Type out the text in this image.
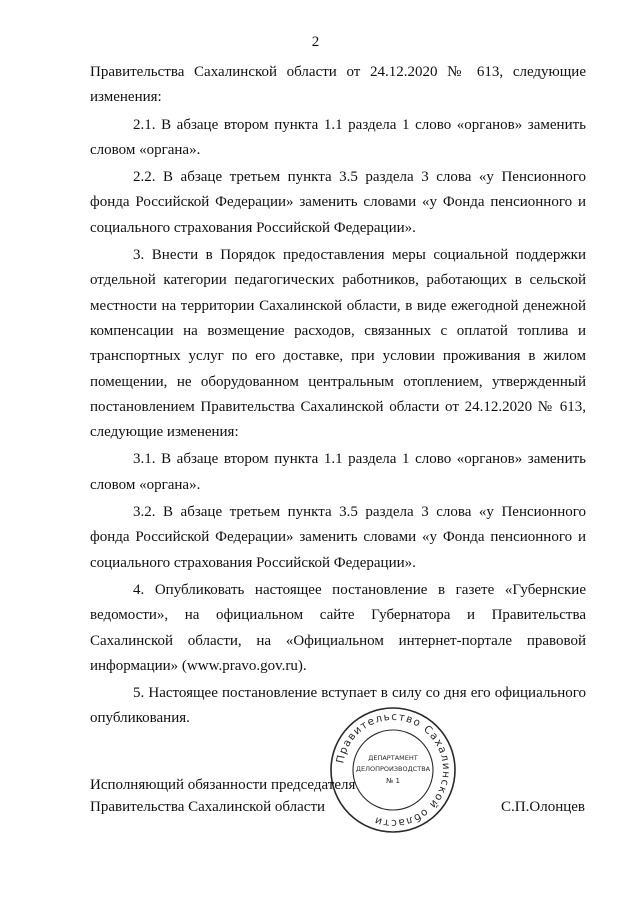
2

Правительства Сахалинской области от 24.12.2020 № 613, следующие изменения:

2.1. В абзаце втором пункта 1.1 раздела 1 слово «органов» заменить словом «органа».

2.2. В абзаце третьем пункта 3.5 раздела 3 слова «у Пенсионного фонда Российской Федерации» заменить словами «у Фонда пенсионного и социального страхования Российской Федерации».

3. Внести в Порядок предоставления меры социальной поддержки отдельной категории педагогических работников, работающих в сельской местности на территории Сахалинской области, в виде ежегодной денежной компенсации на возмещение расходов, связанных с оплатой топлива и транспортных услуг по его доставке, при условии проживания в жилом помещении, не оборудованном центральным отоплением, утвержденный постановлением Правительства Сахалинской области от 24.12.2020 № 613, следующие изменения:

3.1. В абзаце втором пункта 1.1 раздела 1 слово «органов» заменить словом «органа».

3.2. В абзаце третьем пункта 3.5 раздела 3 слова «у Пенсионного фонда Российской Федерации» заменить словами «у Фонда пенсионного и социального страхования Российской Федерации».

4. Опубликовать настоящее постановление в газете «Губернские ведомости», на официальном сайте Губернатора и Правительства Сахалинской области, на «Официальном интернет-портале правовой информации» (www.pravo.gov.ru).

5. Настоящее постановление вступает в силу со дня его официального опубликования.

Правительство Сахалинской области
ДЕПАРТАМЕНТ
ДЕЛОПРОИЗВОДСТВА
№ 1
Исполняющий обязанности председателя
Правительства Сахалинской области	С.П.Олонцев
